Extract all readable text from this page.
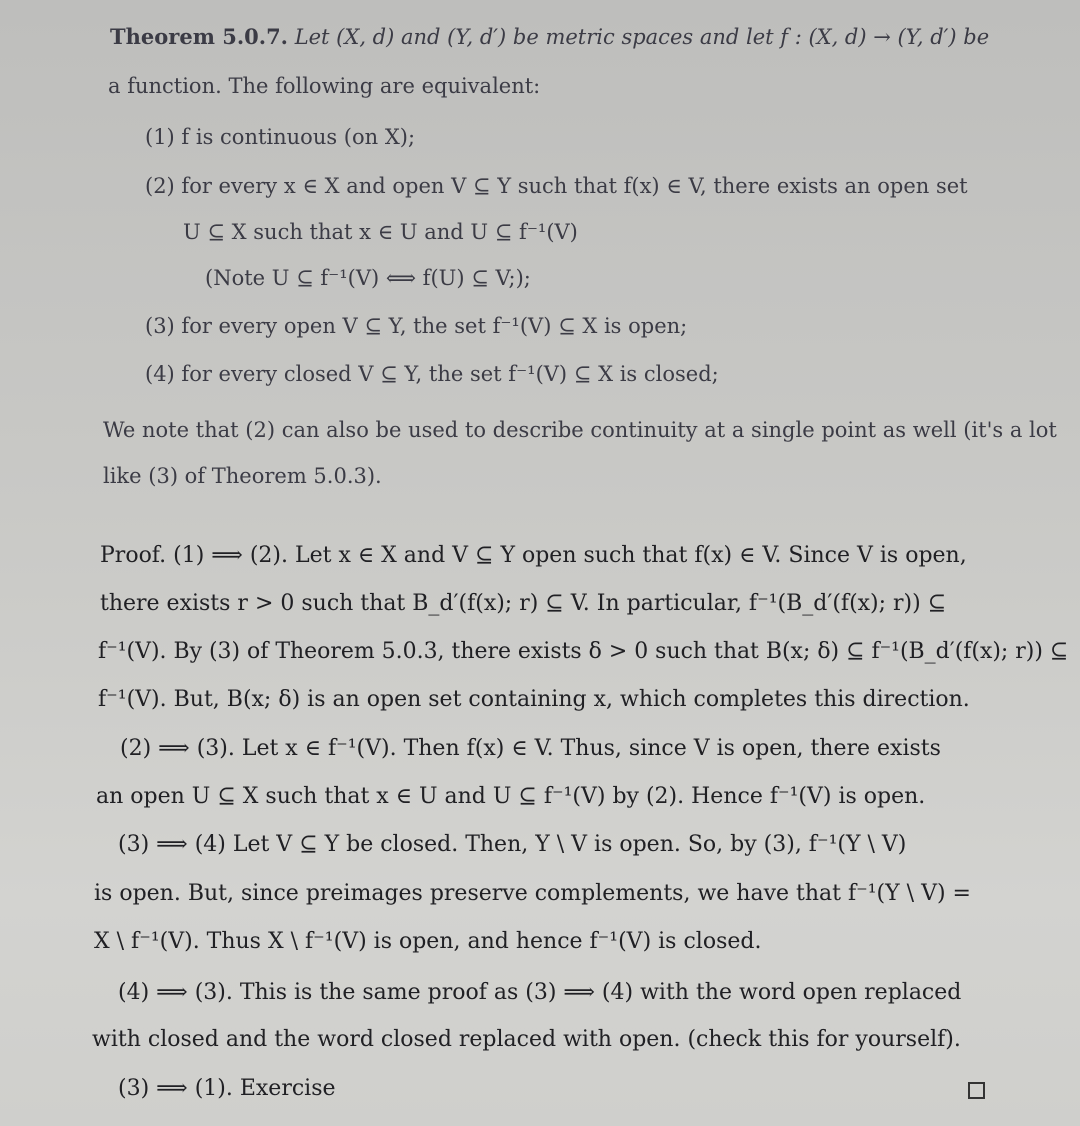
Theorem 5.0.7. Let (X, d) and (Y, d′) be metric spaces and let f : (X, d) → (Y, d′) be
a function. The following are equivalent:
(1) f is continuous (on X);
(2) for every x ∈ X and open V ⊆ Y such that f(x) ∈ V, there exists an open set
U ⊆ X such that x ∈ U and U ⊆ f⁻¹(V)
(Note U ⊆ f⁻¹(V) ⟺ f(U) ⊆ V;);
(3) for every open V ⊆ Y, the set f⁻¹(V) ⊆ X is open;
(4) for every closed V ⊆ Y, the set f⁻¹(V) ⊆ X is closed;
We note that (2) can also be used to describe continuity at a single point as well (it's a lot
like (3) of Theorem 5.0.3).
Proof. (1) ⟹ (2). Let x ∈ X and V ⊆ Y open such that f(x) ∈ V. Since V is open,
there exists r > 0 such that B_d′(f(x); r) ⊆ V. In particular, f⁻¹(B_d′(f(x); r)) ⊆
f⁻¹(V). By (3) of Theorem 5.0.3, there exists δ > 0 such that B(x; δ) ⊆ f⁻¹(B_d′(f(x); r)) ⊆
f⁻¹(V). But, B(x; δ) is an open set containing x, which completes this direction.
(2) ⟹ (3). Let x ∈ f⁻¹(V). Then f(x) ∈ V. Thus, since V is open, there exists
an open U ⊆ X such that x ∈ U and U ⊆ f⁻¹(V) by (2). Hence f⁻¹(V) is open.
(3) ⟹ (4) Let V ⊆ Y be closed. Then, Y \ V is open. So, by (3), f⁻¹(Y \ V)
is open. But, since preimages preserve complements, we have that f⁻¹(Y \ V) =
X \ f⁻¹(V). Thus X \ f⁻¹(V) is open, and hence f⁻¹(V) is closed.
(4) ⟹ (3). This is the same proof as (3) ⟹ (4) with the word open replaced
with closed and the word closed replaced with open. (check this for yourself).
(3) ⟹ (1). Exercise
